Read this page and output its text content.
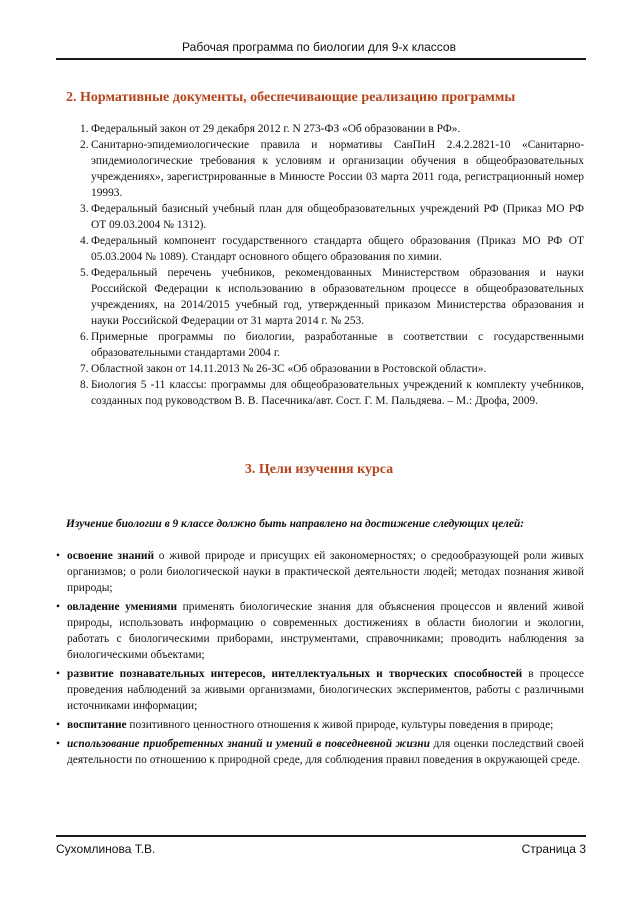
Рабочая программа по биологии для 9-х классов
2. Нормативные документы, обеспечивающие реализацию программы
1. Федеральный закон от 29 декабря 2012 г. N 273-ФЗ «Об образовании в РФ».
2. Санитарно-эпидемиологические правила и нормативы СанПиН 2.4.2.2821-10 «Санитарно-эпидемиологические требования к условиям и организации обучения в общеобразовательных учреждениях», зарегистрированные в Минюсте России 03 марта 2011 года, регистрационный номер 19993.
3. Федеральный базисный учебный план для общеобразовательных учреждений РФ (Приказ МО РФ ОТ 09.03.2004 № 1312).
4. Федеральный компонент государственного стандарта общего образования (Приказ МО РФ ОТ 05.03.2004 № 1089). Стандарт основного общего образования по химии.
5. Федеральный перечень учебников, рекомендованных Министерством образования и науки Российской Федерации к использованию в образовательном процессе в общеобразовательных учреждениях, на 2014/2015 учебный год, утвержденный приказом Министерства образования и науки Российской Федерации от 31 марта 2014 г. № 253.
6. Примерные программы по биологии, разработанные в соответствии с государственными образовательными стандартами 2004 г.
7. Областной закон от 14.11.2013 № 26-ЗС «Об образовании в Ростовской области».
8. Биология 5 -11 классы: программы для общеобразовательных учреждений к комплекту учебников, созданных под руководством В. В. Пасечника/авт. Сост. Г. М. Пальдяева. – М.: Дрофа, 2009.
3. Цели изучения курса
Изучение биологии в 9 классе должно быть направлено на достижение следующих целей:
• освоение знаний о живой природе и присущих ей закономерностях; о средообразующей роли живых организмов; о роли биологической науки в практической деятельности людей; методах познания живой природы;
• овладение умениями применять биологические знания для объяснения процессов и явлений живой природы, использовать информацию о современных достижениях в области биологии и экологии, работать с биологическими приборами, инструментами, справочниками; проводить наблюдения за биологическими объектами;
• развитие познавательных интересов, интеллектуальных и творческих способностей в процессе проведения наблюдений за живыми организмами, биологических экспериментов, работы с различными источниками информации;
• воспитание позитивного ценностного отношения к живой природе, культуры поведения в природе;
• использование приобретенных знаний и умений в повседневной жизни для оценки последствий своей деятельности по отношению к природной среде, для соблюдения правил поведения в окружающей среде.
Сухомлинова Т.В.	Страница 3
